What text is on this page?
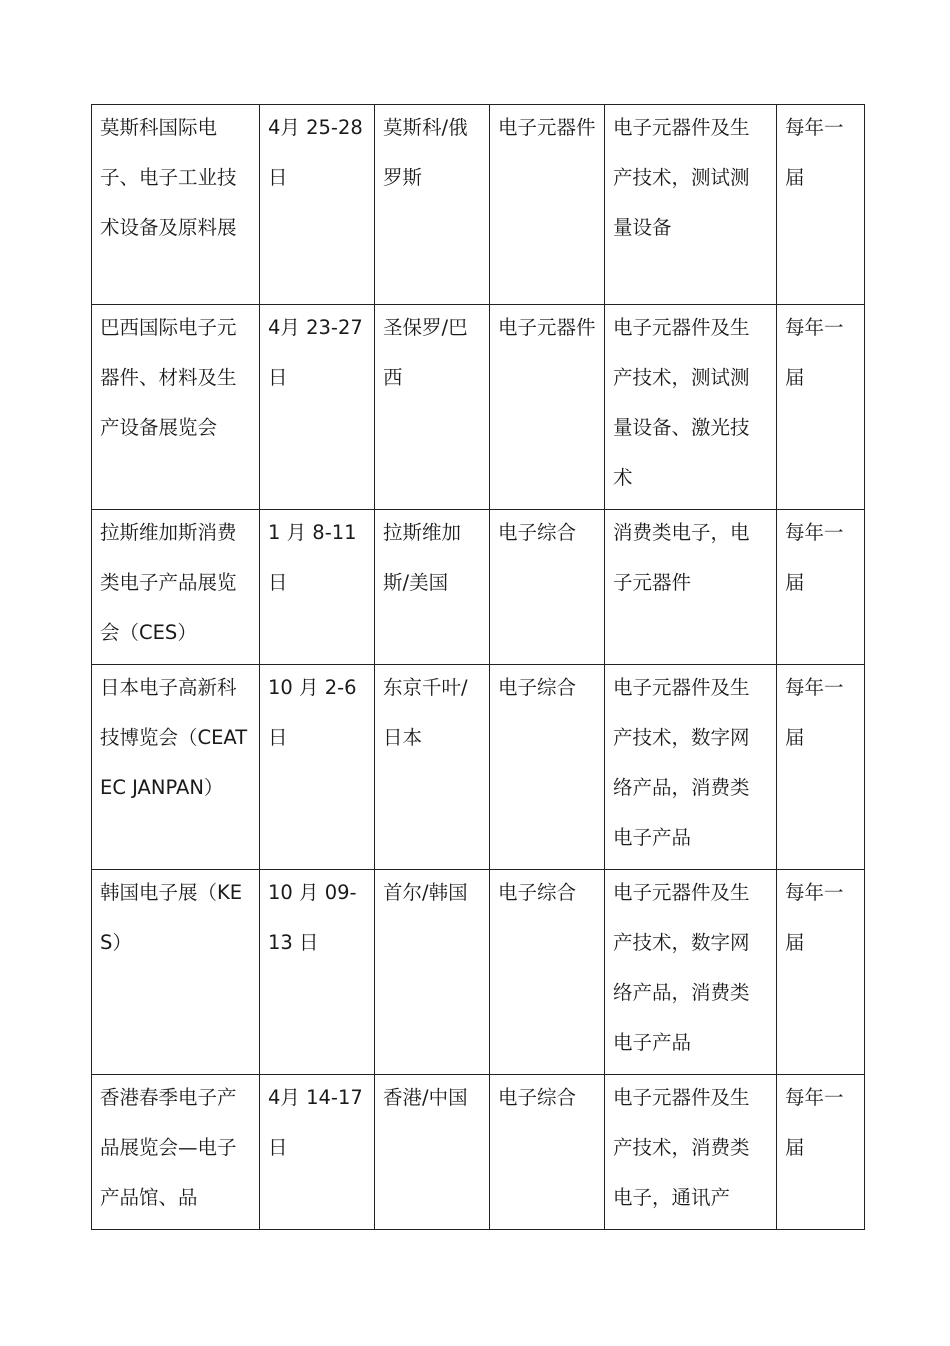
莫斯科国际电子、电子工业技术设备及原料展	4月 25-28 日	莫斯科/俄罗斯	电子元器件	电子元器件及生产技术，测试测量设备	每年一届

巴西国际电子元器件、材料及生产设备展览会	4月 23-27 日	圣保罗/巴西	电子元器件	电子元器件及生产技术，测试测量设备、激光技术	每年一届

拉斯维加斯消费类电子产品展览会（CES）	1 月 8-11 日	拉斯维加斯/美国	电子综合	消费类电子，电子元器件	每年一届

日本电子高新科技博览会（CEATEC JANPAN）	10 月 2-6 日	东京千叶/日本	电子综合	电子元器件及生产技术，数字网络产品，消费类电子产品	每年一届

韩国电子展（KES）	10 月 09-13 日	首尔/韩国	电子综合	电子元器件及生产技术，数字网络产品，消费类电子产品	每年一届

香港春季电子产品展览会—电子产品馆、品	4月 14-17 日	香港/中国	电子综合	电子元器件及生产技术，消费类电子，通讯产	每年一届
